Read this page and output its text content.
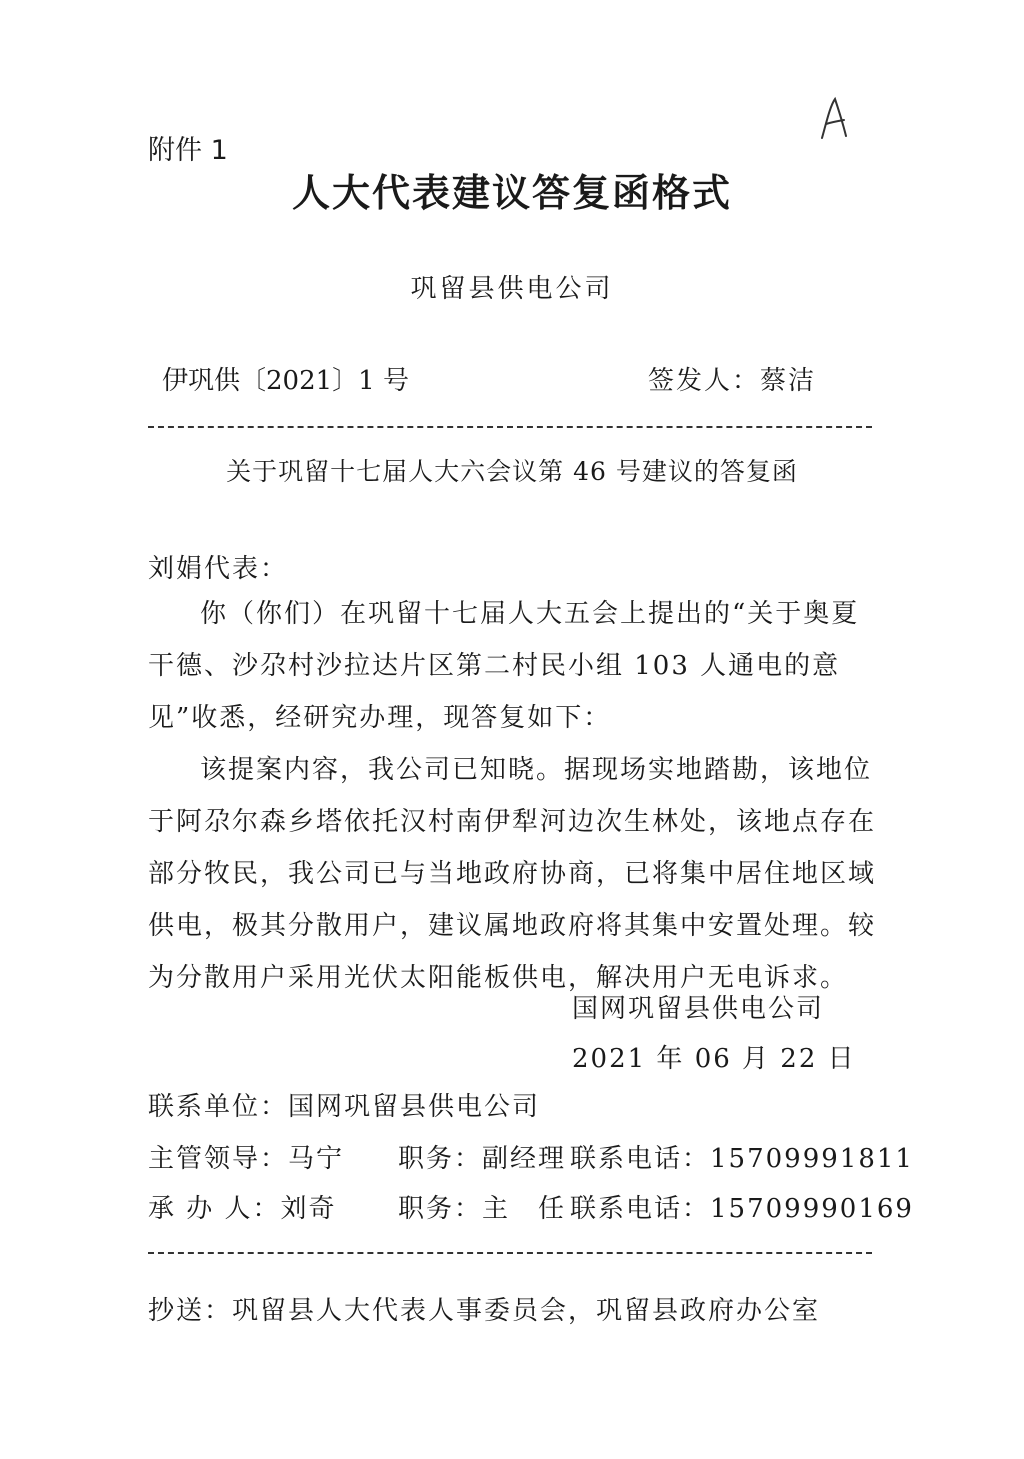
附件 1
人大代表建议答复函格式
巩留县供电公司
伊巩供〔2021〕1 号	签发人：蔡洁
关于巩留十七届人大六会议第 46 号建议的答复函
刘娟代表：

你（你们）在巩留十七届人大五会上提出的“关于奥夏干德、沙尕村沙拉达片区第二村民小组 103 人通电的意见”收悉，经研究办理，现答复如下：

该提案内容，我公司已知晓。据现场实地踏勘，该地位于阿尕尔森乡塔依托汉村南伊犁河边次生林处，该地点存在部分牧民，我公司已与当地政府协商，已将集中居住地区域供电，极其分散用户，建议属地政府将其集中安置处理。较为分散用户采用光伏太阳能板供电，解决用户无电诉求。

国网巩留县供电公司
2021 年 06 月 22 日
联系单位：国网巩留县供电公司
主管领导：马宁 职务：副经理 联系电话：15709991811
承 办 人：刘奇 职务：主　任 联系电话：15709990169
抄送：巩留县人大代表人事委员会，巩留县政府办公室
